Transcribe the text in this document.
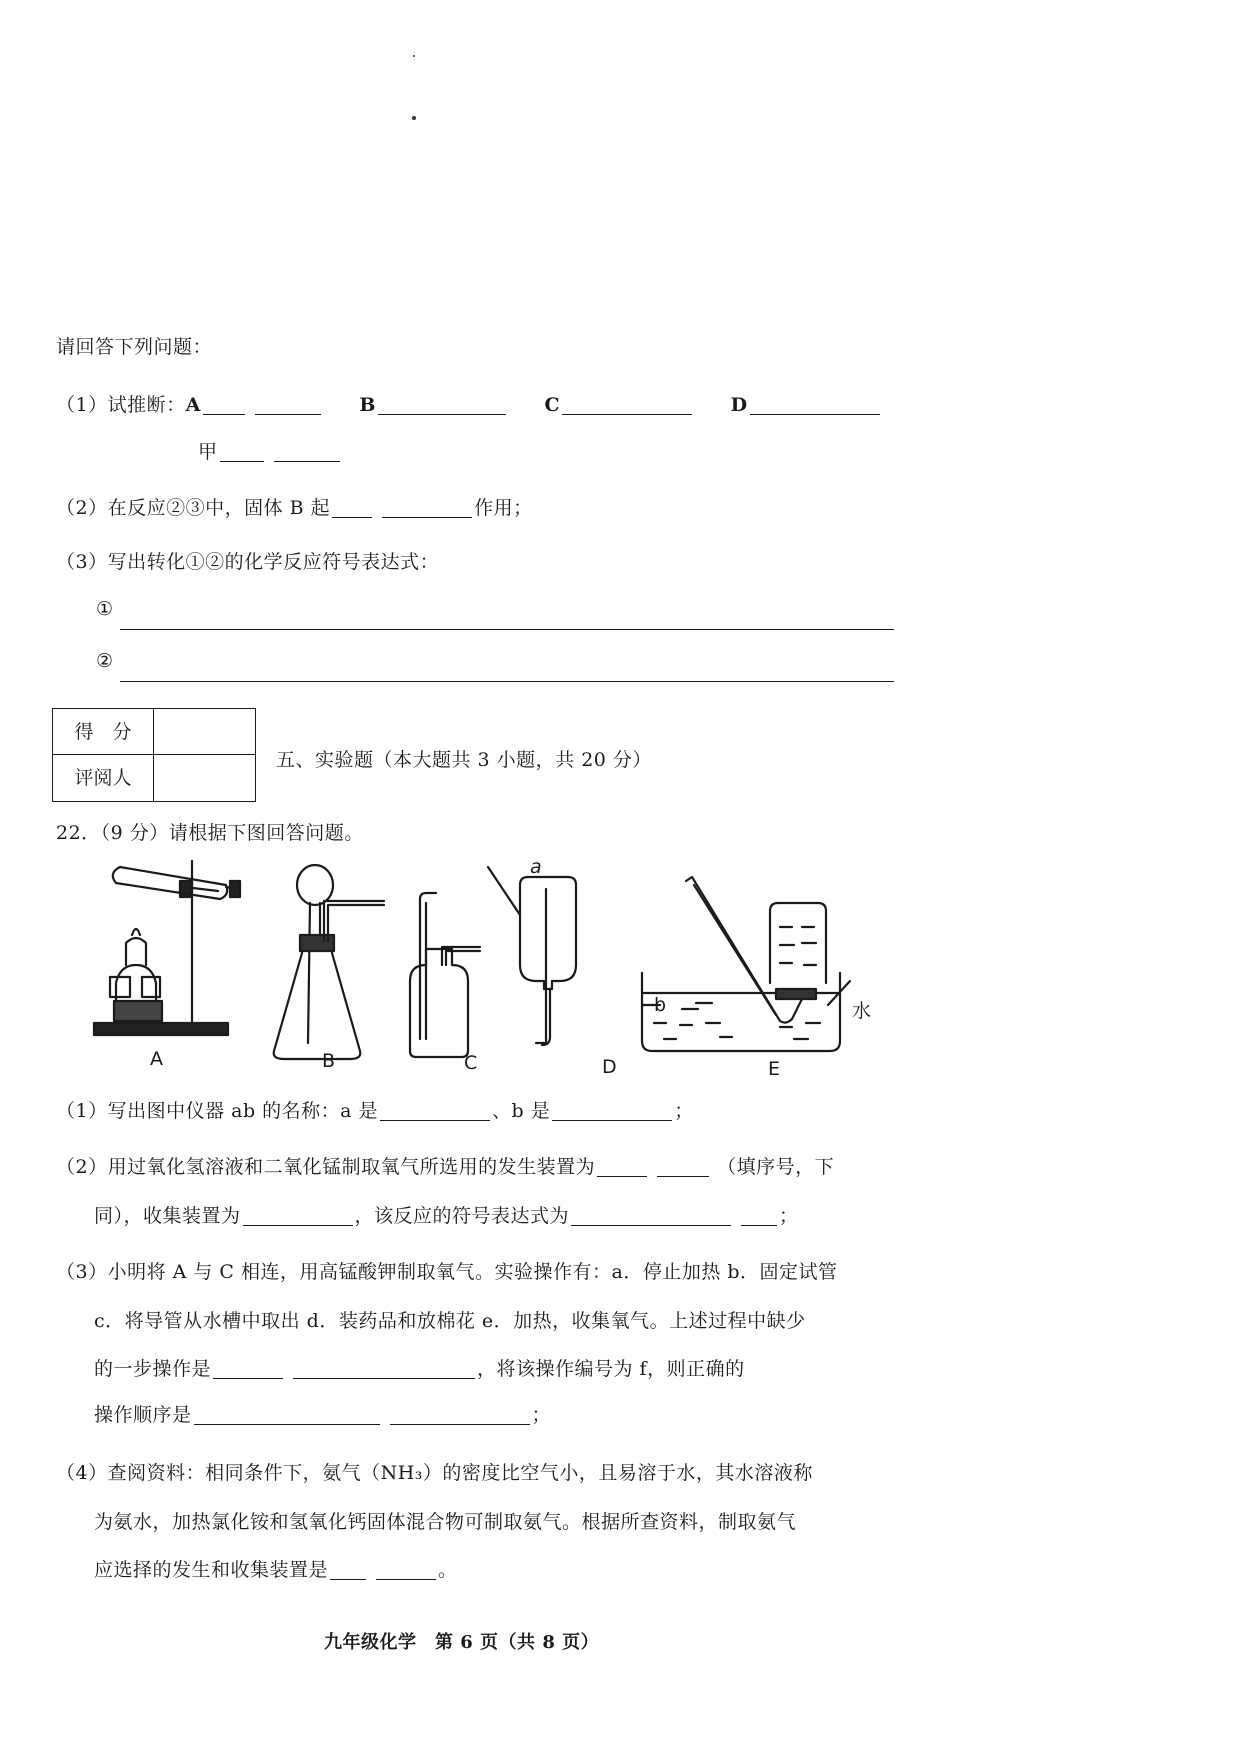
请回答下列问题：
（1）试推断：A	B	C	D
甲
（2）在反应②③中，固体 B 起	作用；
（3）写出转化①②的化学反应符号表达式：
①
②
得　分
评阅人
五、实验题（本大题共 3 小题，共 20 分）
22．（9 分）请根据下图回答问题。
a
b	水
A	B	C	D	E
（1）写出图中仪器 ab 的名称：a 是	、b 是	；
（2）用过氧化氢溶液和二氧化锰制取氧气所选用的发生装置为	（填序号，下
同），收集装置为	，该反应的符号表达式为	；
（3）小明将 A 与 C 相连，用高锰酸钾制取氧气。实验操作有：a．停止加热 b．固定试管
c．将导管从水槽中取出 d．装药品和放棉花 e．加热，收集氧气。上述过程中缺少
的一步操作是	，将该操作编号为 f，则正确的
操作顺序是	；
（4）查阅资料：相同条件下，氨气（NH₃）的密度比空气小，且易溶于水，其水溶液称
为氨水，加热氯化铵和氢氧化钙固体混合物可制取氨气。根据所查资料，制取氨气
应选择的发生和收集装置是	。
九年级化学　第 6 页（共 8 页）
